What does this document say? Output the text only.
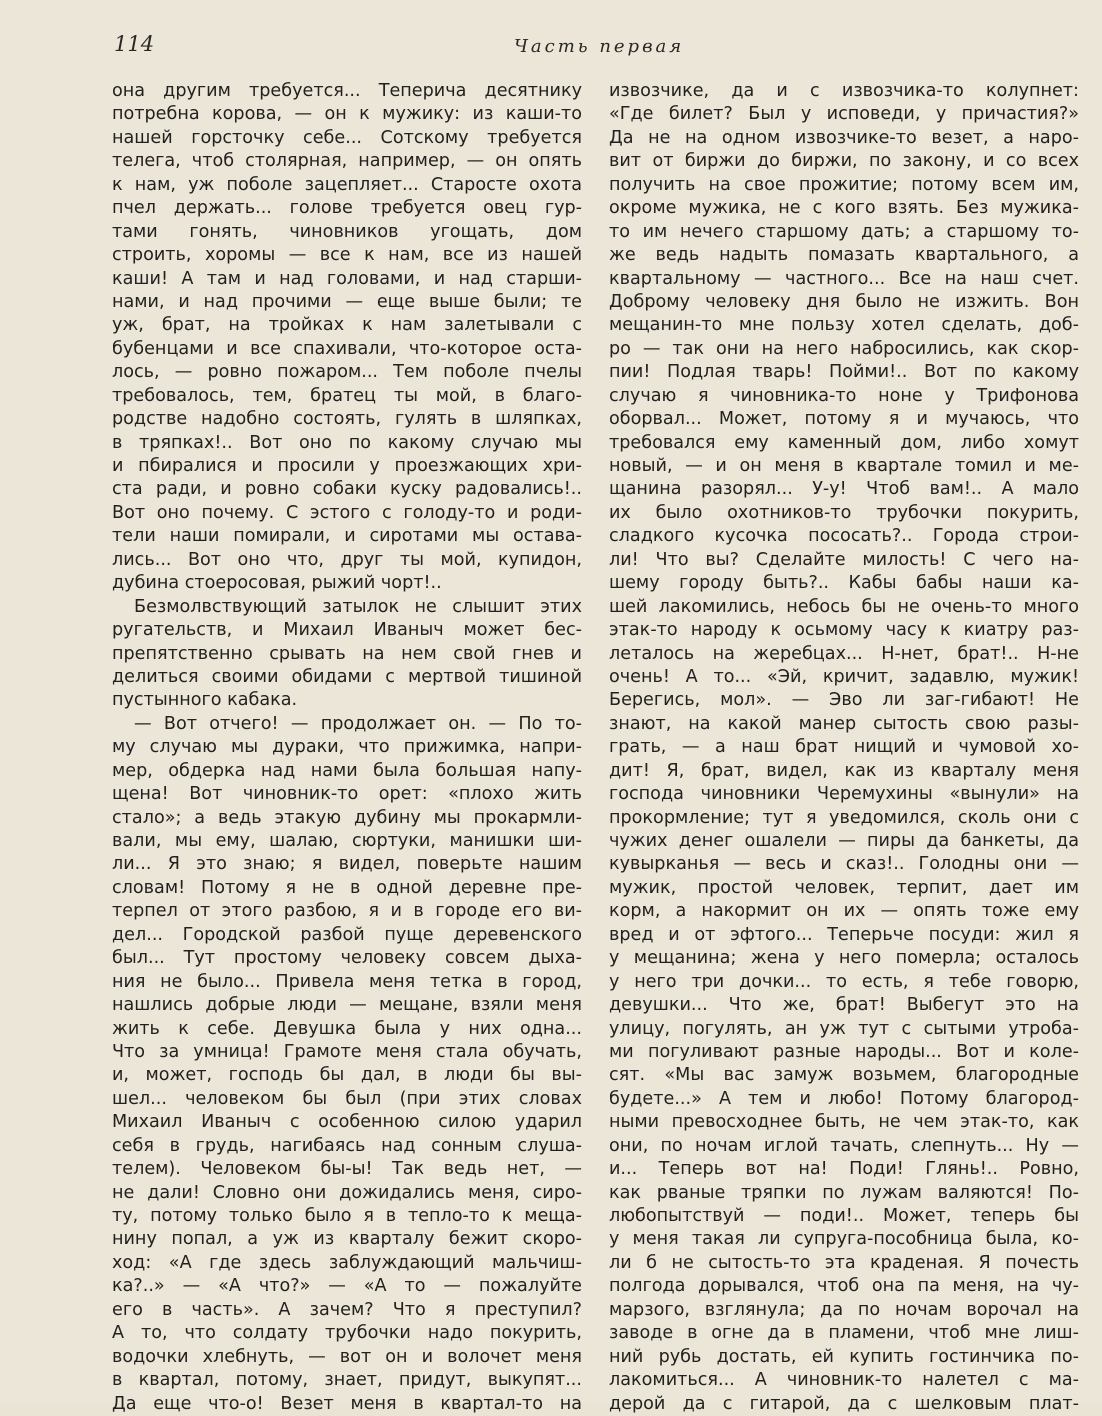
114	Часть первая
она другим требуется... Теперича десятнику
потребна корова, — он к мужику: из каши-то
нашей горсточку себе... Сотскому требуется
телега, чтоб столярная, например, — он опять
к нам, уж поболе зацепляет... Старосте охота
пчел держать... голове требуется овец гур-
тами гонять, чиновников угощать, дом
строить, хоромы — все к нам, все из нашей
каши! А там и над головами, и над старши-
нами, и над прочими — еще выше были; те
уж, брат, на тройках к нам залетывали с
бубенцами и все спахивали, что-которое оста-
лось, — ровно пожаром... Тем поболе пчелы
требовалось, тем, братец ты мой, в благо-
родстве надобно состоять, гулять в шляпках,
в тряпках!.. Вот оно по какому случаю мы
и пбиралися и просили у проезжающих хри-
ста ради, и ровно собаки куску радовались!..
Вот оно почему. С эстого с голоду-то и роди-
тели наши помирали, и сиротами мы остава-
лись... Вот оно что, друг ты мой, купидон,
дубина стоеросовая, рыжий чорт!..
Безмолвствующий затылок не слышит этих
ругательств, и Михаил Иваныч может бес-
препятственно срывать на нем свой гнев и
делиться своими обидами с мертвой тишиной
пустынного кабака.
— Вот отчего! — продолжает он. — По то-
му случаю мы дураки, что прижимка, напри-
мер, обдерка над нами была большая напу-
щена! Вот чиновник-то орет: «плохо жить
стало»; а ведь этакую дубину мы прокармли-
вали, мы ему, шалаю, сюртуки, манишки ши-
ли... Я это знаю; я видел, поверьте нашим
словам! Потому я не в одной деревне пре-
терпел от этого разбою, я и в городе его ви-
дел... Городской разбой пуще деревенского
был... Тут простому человеку совсем дыха-
ния не было... Привела меня тетка в город,
нашлись добрые люди — мещане, взяли меня
жить к себе. Девушка была у них одна...
Что за умница! Грамоте меня стала обучать,
и, может, господь бы дал, в люди бы вы-
шел... человеком бы был (при этих словах
Михаил Иваныч с особенною силою ударил
себя в грудь, нагибаясь над сонным слуша-
телем). Человеком бы-ы! Так ведь нет, —
не дали! Словно они дожидались меня, сиро-
ту, потому только было я в тепло-то к меща-
нину попал, а уж из кварталу бежит скоро-
ход: «А где здесь заблуждающий мальчиш-
ка?..» — «А что?» — «А то — пожалуйте
его в часть». А зачем? Что я преступил?
А то, что солдату трубочки надо покурить,
водочки хлебнуть, — вот он и волочет меня
в квартал, потому, знает, придут, выкупят...
Да еще что-о! Везет меня в квартал-то на
извозчике, да и с извозчика-то колупнет:
«Где билет? Был у исповеди, у причастия?»
Да не на одном извозчике-то везет, а наро-
вит от биржи до биржи, по закону, и со всех
получить на свое прожитие; потому всем им,
окроме мужика, не с кого взять. Без мужика-
то им нечего старшому дать; а старшому то-
же ведь надыть помазать квартального, а
квартальному — частного... Все на наш счет.
Доброму человеку дня было не изжить. Вон
мещанин-то мне пользу хотел сделать, доб-
ро — так они на него набросились, как скор-
пии! Подлая тварь! Пойми!.. Вот по какому
случаю я чиновника-то ноне у Трифонова
оборвал... Может, потому я и мучаюсь, что
требовался ему каменный дом, либо хомут
новый, — и он меня в квартале томил и ме-
щанина разорял... У-у! Чтоб вам!.. А мало
их было охотников-то трубочки покурить,
сладкого кусочка пососать?.. Города строи-
ли! Что вы? Сделайте милость! С чего на-
шему городу быть?.. Кабы бабы наши ка-
шей лакомились, небось бы не очень-то много
этак-то народу к осьмому часу к киатру раз-
леталось на жеребцах... Н-нет, брат!.. Н-не
очень! А то... «Эй, кричит, задавлю, мужик!
Берегись, мол». — Эво ли заг-гибают! Не
знают, на какой манер сытость свою разы-
грать, — а наш брат нищий и чумовой хо-
дит! Я, брат, видел, как из кварталу меня
господа чиновники Черемухины «вынули» на
прокормление; тут я уведомился, сколь они с
чужих денег ошалели — пиры да банкеты, да
кувырканья — весь и сказ!.. Голодны они —
мужик, простой человек, терпит, дает им
корм, а накормит он их — опять тоже ему
вред и от эфтого... Теперьче посуди: жил я
у мещанина; жена у него померла; осталось
у него три дочки... то есть, я тебе говорю,
девушки... Что же, брат! Выбегут это на
улицу, погулять, ан уж тут с сытыми утроба-
ми погуливают разные народы... Вот и коле-
сят. «Мы вас замуж возьмем, благородные
будете...» А тем и любо! Потому благород-
ными превосходнее быть, не чем этак-то, как
они, по ночам иглой тачать, слепнуть... Ну —
и... Теперь вот на! Поди! Глянь!.. Ровно,
как рваные тряпки по лужам валяются! По-
любопытствуй — поди!.. Может, теперь бы
у меня такая ли супруга-пособница была, ко-
ли б не сытость-то эта краденая. Я почесть
полгода дорывался, чтоб она па меня, на чу-
марзого, взглянула; да по ночам ворочал на
заводе в огне да в пламени, чтоб мне лиш-
ний рубь достать, ей купить гостинчика по-
лакомиться... А чиновник-то налетел с ма-
дерой да с гитарой, да с шелковым плат-
